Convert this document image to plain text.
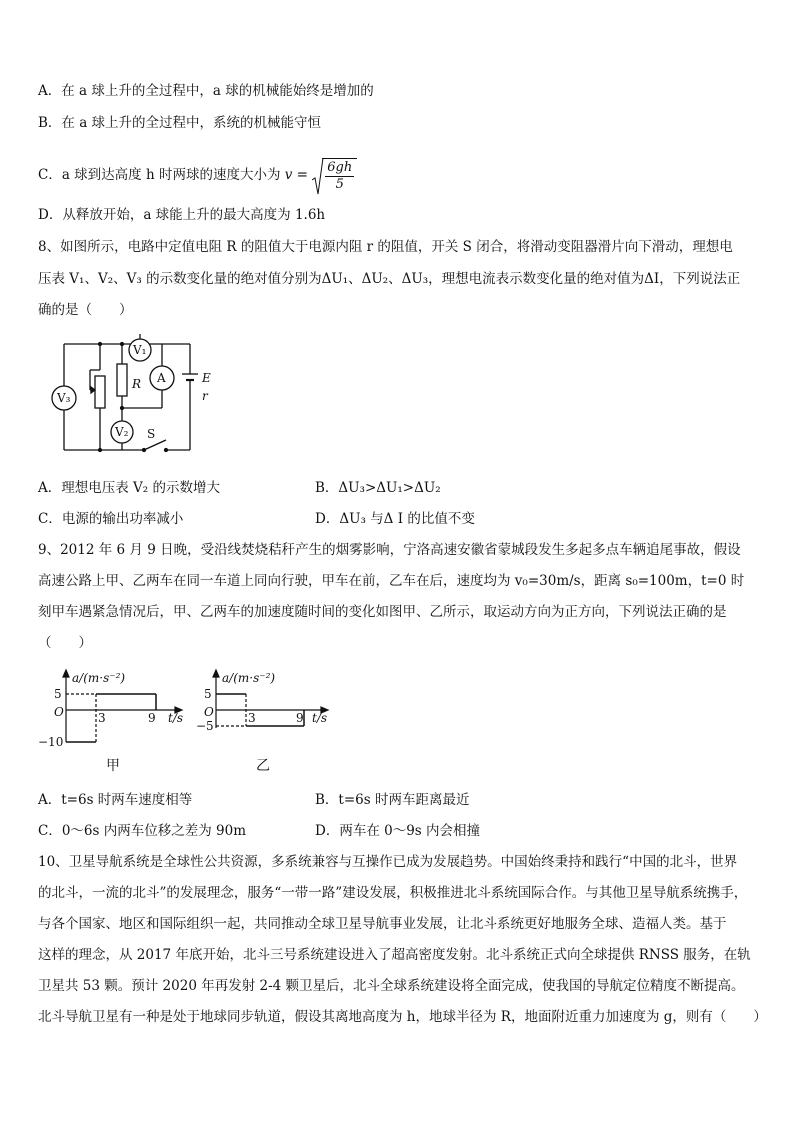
A．在 a 球上升的全过程中，a 球的机械能始终是增加的
B．在 a 球上升的全过程中，系统的机械能守恒
C．a 球到达高度 h 时两球的速度大小为 $v = \frac{6gh}{5}$
D．从释放开始，a 球能上升的最大高度为 1.6h
8、如图所示，电路中定值电阻 R 的阻值大于电源内阻 r 的阻值，开关 S 闭合，将滑动变阻器滑片向下滑动，理想电
压表 V₁、V₂、V₃ 的示数变化量的绝对值分别为ΔU₁、ΔU₂、ΔU₃，理想电流表示数变化量的绝对值为ΔI，下列说法正
确的是（　　）
V₃
V₁
V₂
A
R	E
r
S
A．理想电压表 V₂ 的示数增大	B．ΔU₃>ΔU₁>ΔU₂
C．电源的输出功率减小	D．ΔU₃ 与Δ I 的比值不变
9、2012 年 6 月 9 日晚，受沿线焚烧秸秆产生的烟雾影响，宁洛高速安徽省蒙城段发生多起多点车辆追尾事故，假设
高速公路上甲、乙两车在同一车道上同向行驶，甲车在前，乙车在后，速度均为 v₀=30m/s，距离 s₀=100m，t=0 时
刻甲车遇紧急情况后，甲、乙两车的加速度随时间的变化如图甲、乙所示，取运动方向为正方向，下列说法正确的是
（　　）
a/(m·s⁻²)
t/s
O
5
−10
3	9
甲
a/(m·s⁻²)
t/s
O
5
−5
3	9
乙
A．t=6s 时两车速度相等	B．t=6s 时两车距离最近
C．0～6s 内两车位移之差为 90m	D．两车在 0～9s 内会相撞
10、卫星导航系统是全球性公共资源，多系统兼容与互操作已成为发展趋势。中国始终秉持和践行“中国的北斗，世界
的北斗，一流的北斗”的发展理念，服务“一带一路”建设发展，积极推进北斗系统国际合作。与其他卫星导航系统携手，
与各个国家、地区和国际组织一起，共同推动全球卫星导航事业发展，让北斗系统更好地服务全球、造福人类。基于
这样的理念，从 2017 年底开始，北斗三号系统建设进入了超高密度发射。北斗系统正式向全球提供 RNSS 服务，在轨
卫星共 53 颗。预计 2020 年再发射 2-4 颗卫星后，北斗全球系统建设将全面完成，使我国的导航定位精度不断提高。
北斗导航卫星有一种是处于地球同步轨道，假设其离地高度为 h，地球半径为 R，地面附近重力加速度为 g，则有（　　）
